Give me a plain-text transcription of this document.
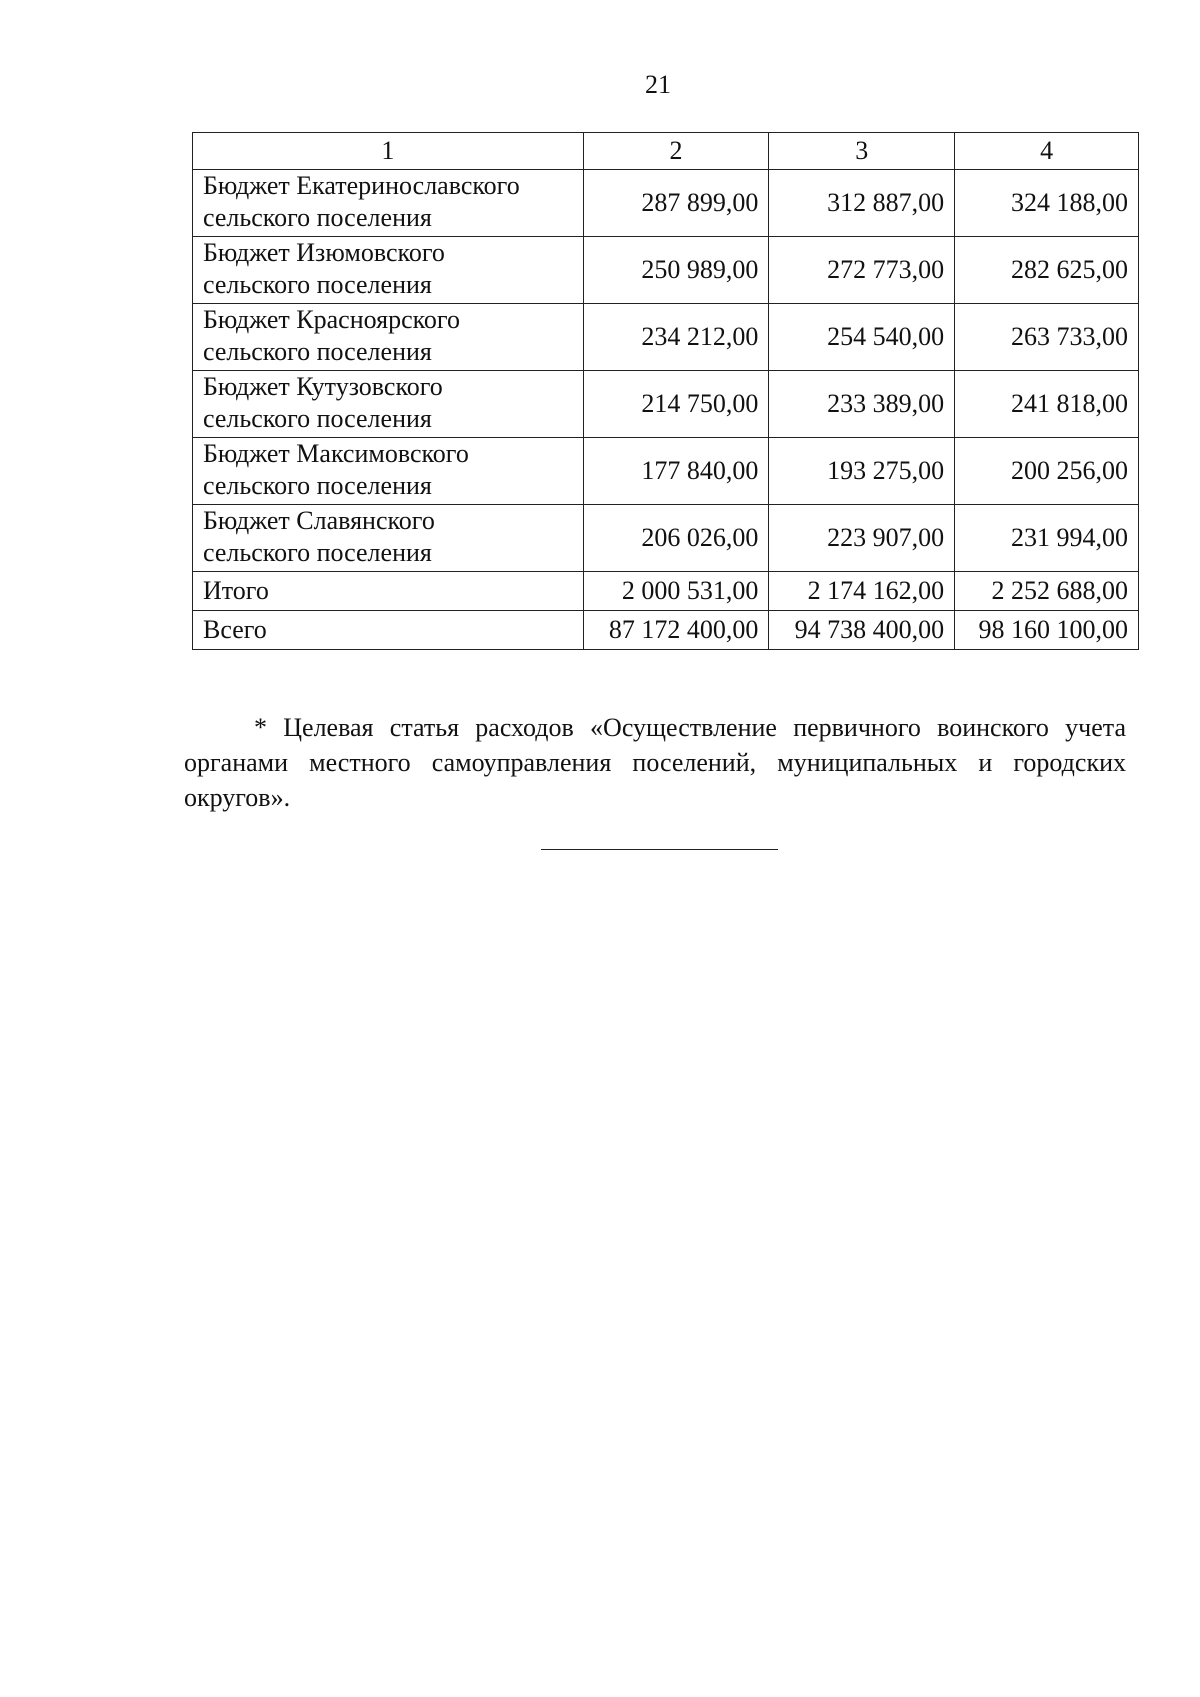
21
1	2	3	4

Бюджет Екатеринославского
сельского поселения	287 899,00	312 887,00	324 188,00

Бюджет Изюмовского
сельского поселения	250 989,00	272 773,00	282 625,00

Бюджет Красноярского
сельского поселения	234 212,00	254 540,00	263 733,00

Бюджет Кутузовского
сельского поселения	214 750,00	233 389,00	241 818,00

Бюджет Максимовского
сельского поселения	177 840,00	193 275,00	200 256,00

Бюджет Славянского
сельского поселения	206 026,00	223 907,00	231 994,00
Итого	2 000 531,00	2 174 162,00	2 252 688,00
Всего	87 172 400,00	94 738 400,00	98 160 100,00

* Целевая статья расходов «Осуществление первичного воинского учета органами местного самоуправления поселений, муниципальных и городских округов».
